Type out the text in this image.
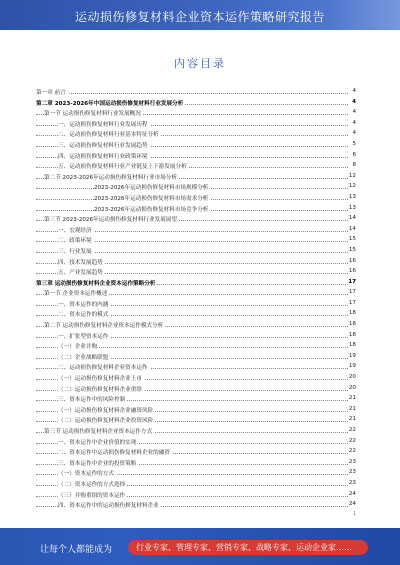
运动损伤修复材料企业资本运作策略研究报告
内容目录
第一章 前言	4
第二章 2023-2026年中国运动损伤修复材料行业发展分析	4
第一节 运动损伤修复材料行业发展概况	4
一、运动损伤修复材料行业发展历程	4
二、运动损伤修复材料行业基本特征分析	4
三、运动损伤修复材料行业发展趋势	5
四、运动损伤修复材料行业政策环境	6
五、运动损伤修复材料行业产业链及上下游发展分析	8
第二节 2023-2026年运动损伤修复材料行业市场分析	12
2023-2026年运动损伤修复材料市场规模分析	12
2023-2026年运动损伤修复材料市场需求分析	13
2023-2026年运动损伤修复材料市场竞争分析	13
第三节 2023-2026年运动损伤修复材料行业发展展望	14
一、宏观经济	14
二、政策环境	15
三、行业发展	15
四、技术发展趋势	16
五、产业发展趋势	16
第三章 运动损伤修复材料企业资本运作策略分析	17
第一节 企业资本运作概述	17
一、资本运作的内涵	17
二、资本运作的模式	18
第二节 运动损伤修复材料企业资本运作模式分析	18
一、扩张型资本运作	18
（一）企业并购	18
（二）企业战略联盟	19
二、运动损伤修复材料企业资本运作	19
（一）运动损伤修复材料企业上市	20
（二）运动损伤修复材料企业重组	20
三、资本运作中的风险控制	21
（一）运动损伤修复材料企业融资风险	21
（二）运动损伤修复材料企业投资风险	21
第三节 运动损伤修复材料企业资本运作方式	22
一、资本运作中企业价值的实现	22
二、资本运作中运动损伤修复材料企业的融资	22
三、资本运作中企业的投资策略	23
（一）资本运作的方式	23
（二）资本运作的方式选择	23
（三）并购重组的资本运作	24
四、资本运作中的运动损伤修复材料企业	24
1
让每个人都能成为	行业专家、管理专家、营销专家、战略专家、运动企业家……
